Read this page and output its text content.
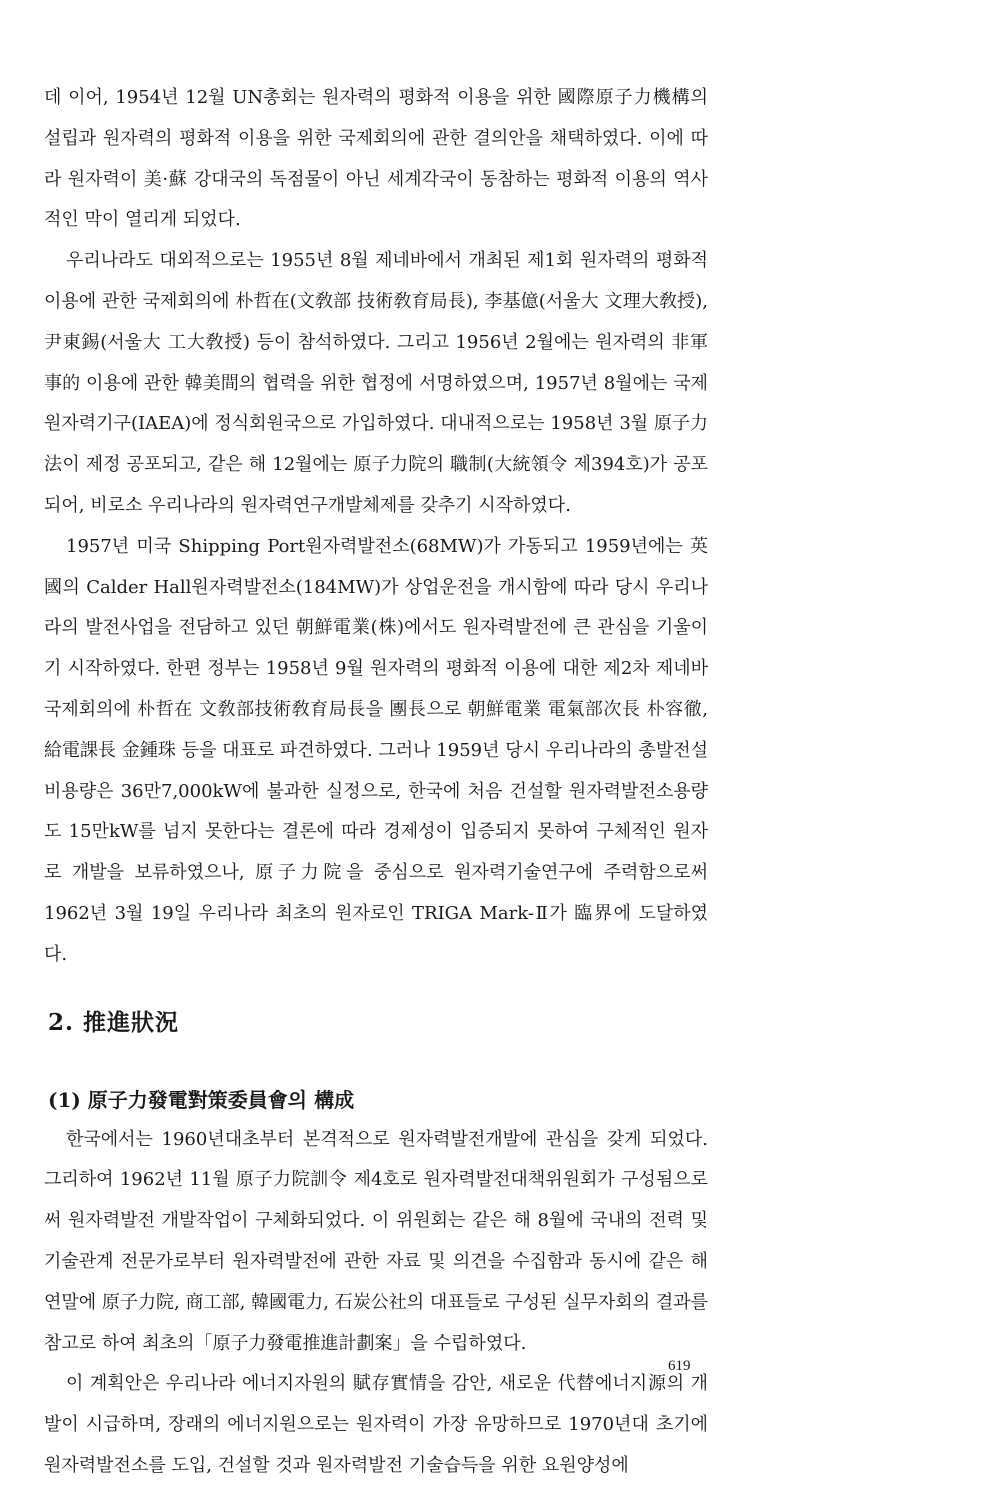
데 이어, 1954년 12월 UN총회는 원자력의 평화적 이용을 위한 國際原子力機構의 설립과 원자력의 평화적 이용을 위한 국제회의에 관한 결의안을 채택하였다. 이에 따라 원자력이 美·蘇 강대국의 독점물이 아닌 세계각국이 동참하는 평화적 이용의 역사적인 막이 열리게 되었다.

우리나라도 대외적으로는 1955년 8월 제네바에서 개최된 제1회 원자력의 평화적 이용에 관한 국제회의에 朴哲在(文敎部 技術敎育局長), 李基億(서울大 文理大敎授), 尹東錫(서울大 工大敎授) 등이 참석하였다. 그리고 1956년 2월에는 원자력의 非軍事的 이용에 관한 韓美間의 협력을 위한 협정에 서명하였으며, 1957년 8월에는 국제원자력기구(IAEA)에 정식회원국으로 가입하였다. 대내적으로는 1958년 3월 原子力法이 제정 공포되고, 같은 해 12월에는 原子力院의 職制(大統領令 제394호)가 공포되어, 비로소 우리나라의 원자력연구개발체제를 갖추기 시작하였다.

1957년 미국 Shipping Port원자력발전소(68MW)가 가동되고 1959년에는 英國의 Calder Hall원자력발전소(184MW)가 상업운전을 개시함에 따라 당시 우리나라의 발전사업을 전담하고 있던 朝鮮電業(株)에서도 원자력발전에 큰 관심을 기울이기 시작하였다. 한편 정부는 1958년 9월 원자력의 평화적 이용에 대한 제2차 제네바 국제회의에 朴哲在 文敎部技術敎育局長을 團長으로 朝鮮電業 電氣部次長 朴容徹, 給電課長 金鍾珠 등을 대표로 파견하였다. 그러나 1959년 당시 우리나라의 총발전설비용량은 36만7,000kW에 불과한 실정으로, 한국에 처음 건설할 원자력발전소용량도 15만kW를 넘지 못한다는 결론에 따라 경제성이 입증되지 못하여 구체적인 원자로 개발을 보류하였으나, 原子力院을 중심으로 원자력기술연구에 주력함으로써 1962년 3월 19일 우리나라 최초의 원자로인 TRIGA Mark-Ⅱ가 臨界에 도달하였다.

2. 推進狀況
(1) 原子力發電對策委員會의 構成

한국에서는 1960년대초부터 본격적으로 원자력발전개발에 관심을 갖게 되었다. 그리하여 1962년 11월 原子力院訓令 제4호로 원자력발전대책위원회가 구성됨으로써 원자력발전 개발작업이 구체화되었다. 이 위원회는 같은 해 8월에 국내의 전력 및 기술관계 전문가로부터 원자력발전에 관한 자료 및 의견을 수집함과 동시에 같은 해 연말에 原子力院, 商工部, 韓國電力, 石炭公社의 대표들로 구성된 실무자회의 결과를 참고로 하여 최초의「原子力發電推進計劃案」을 수립하였다.

이 계획안은 우리나라 에너지자원의 賦存實情을 감안, 새로운 代替에너지源의 개발이 시급하며, 장래의 에너지원으로는 원자력이 가장 유망하므로 1970년대 초기에 원자력발전소를 도입, 건설할 것과 원자력발전 기술습득을 위한 요원양성에

619
